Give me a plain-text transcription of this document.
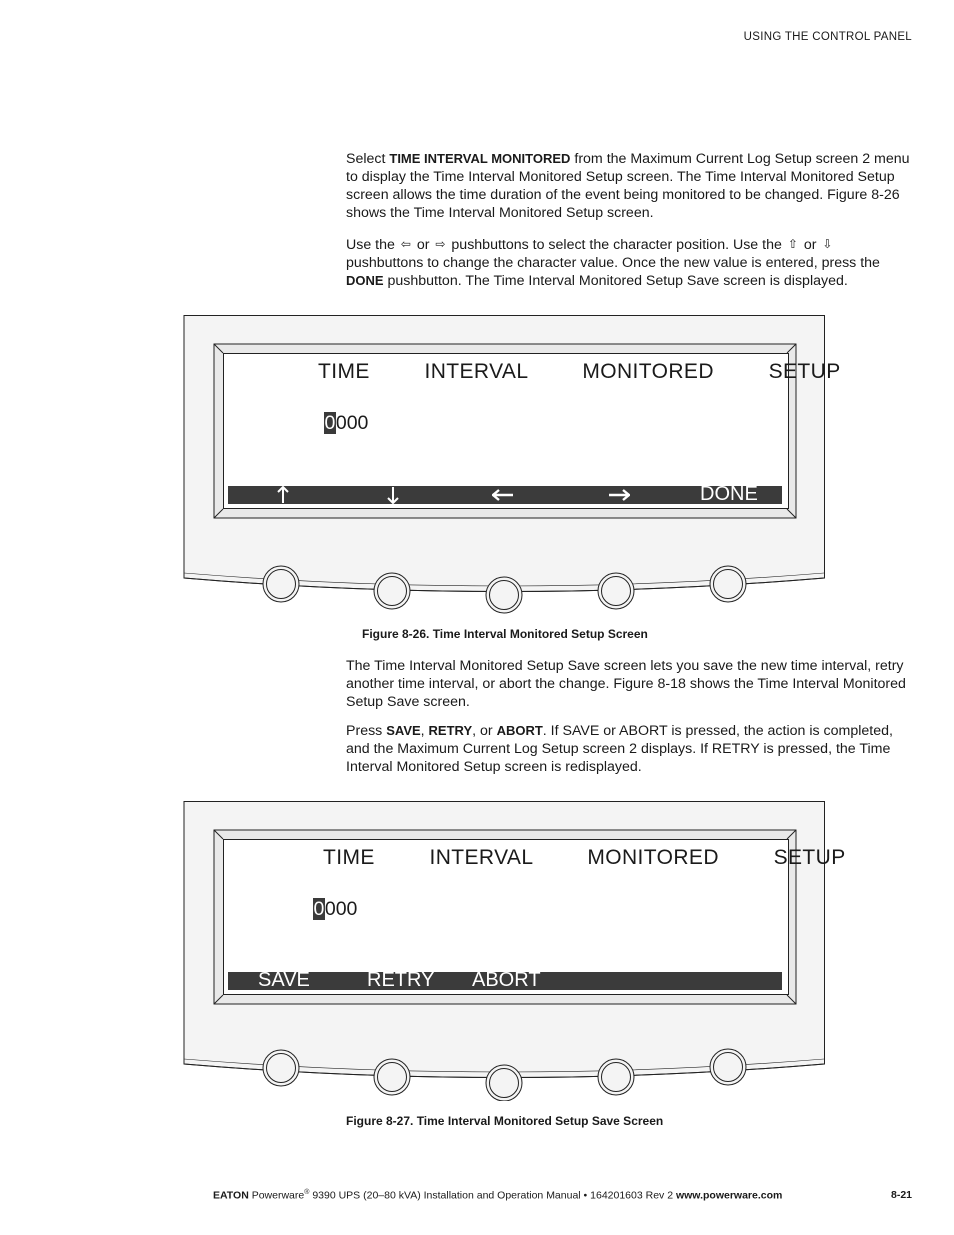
USING THE CONTROL PANEL

Select TIME INTERVAL MONITORED from the Maximum Current Log Setup screen 2 menu to display the Time Interval Monitored Setup screen. The Time Interval Monitored Setup screen allows the time duration of the event being monitored to be changed. Figure 8-26 shows the Time Interval Monitored Setup screen.

Use the ⇦ or ⇨ pushbuttons to select the character position. Use the ⇧ or ⇩ pushbuttons to change the character value. Once the new value is entered, press the DONE pushbutton. The Time Interval Monitored Setup Save screen is displayed.

TIME   INTERVAL   MONITORED   SETUP
0000
DONE
Figure 8-26. Time Interval Monitored Setup Screen

The Time Interval Monitored Setup Save screen lets you save the new time interval, retry another time interval, or abort the change. Figure 8-18 shows the Time Interval Monitored Setup Save screen.

Press SAVE, RETRY, or ABORT. If SAVE or ABORT is pressed, the action is completed, and the Maximum Current Log Setup screen 2 displays. If RETRY is pressed, the Time Interval Monitored Setup screen is redisplayed.

TIME   INTERVAL   MONITORED   SETUP
0000
SAVE	RETRY ABORT
Figure 8-27. Time Interval Monitored Setup Save Screen
EATON Powerware® 9390 UPS (20–80 kVA) Installation and Operation Manual • 164201603 Rev 2 www.powerware.com	8-21
